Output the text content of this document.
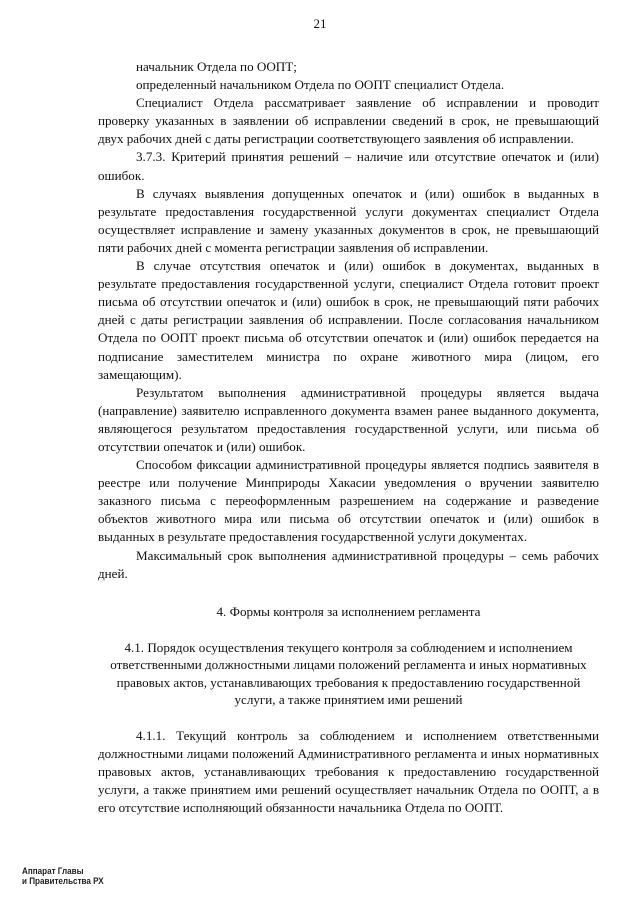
21

начальник Отдела по ООПТ;

определенный начальником Отдела по ООПТ специалист Отдела.

Специалист Отдела рассматривает заявление об исправлении и проводит проверку указанных в заявлении об исправлении сведений в срок, не превышающий двух рабочих дней с даты регистрации соответствующего заявления об исправлении.

3.7.3. Критерий принятия решений – наличие или отсутствие опечаток и (или) ошибок.

В случаях выявления допущенных опечаток и (или) ошибок в выданных в результате предоставления государственной услуги документах специалист Отдела осуществляет исправление и замену указанных документов в срок, не превышающий пяти рабочих дней с момента регистрации заявления об исправлении.

В случае отсутствия опечаток и (или) ошибок в документах, выданных в результате предоставления государственной услуги, специалист Отдела готовит проект письма об отсутствии опечаток и (или) ошибок в срок, не превышающий пяти рабочих дней с даты регистрации заявления об исправлении. После согласования начальником Отдела по ООПТ проект письма об отсутствии опечаток и (или) ошибок передается на подписание заместителем министра по охране животного мира (лицом, его замещающим).

Результатом выполнения административной процедуры является выдача (направление) заявителю исправленного документа взамен ранее выданного документа, являющегося результатом предоставления государственной услуги, или письма об отсутствии опечаток и (или) ошибок.

Способом фиксации административной процедуры является подпись заявителя в реестре или получение Минприроды Хакасии уведомления о вручении заявителю заказного письма с переоформленным разрешением на содержание и разведение объектов животного мира или письма об отсутствии опечаток и (или) ошибок в выданных в результате предоставления государственной услуги документах.

Максимальный срок выполнения административной процедуры – семь рабочих дней.

4. Формы контроля за исполнением регламента

4.1. Порядок осуществления текущего контроля за соблюдением и исполнением ответственными должностными лицами положений регламента и иных нормативных правовых актов, устанавливающих требования к предоставлению государственной услуги, а также принятием ими решений

4.1.1. Текущий контроль за соблюдением и исполнением ответственными должностными лицами положений Административного регламента и иных нормативных правовых актов, устанавливающих требования к предоставлению государственной услуги, а также принятием ими решений осуществляет начальник Отдела по ООПТ, а в его отсутствие исполняющий обязанности начальника Отдела по ООПТ.

Аппарат Главы
и Правительства РХ
